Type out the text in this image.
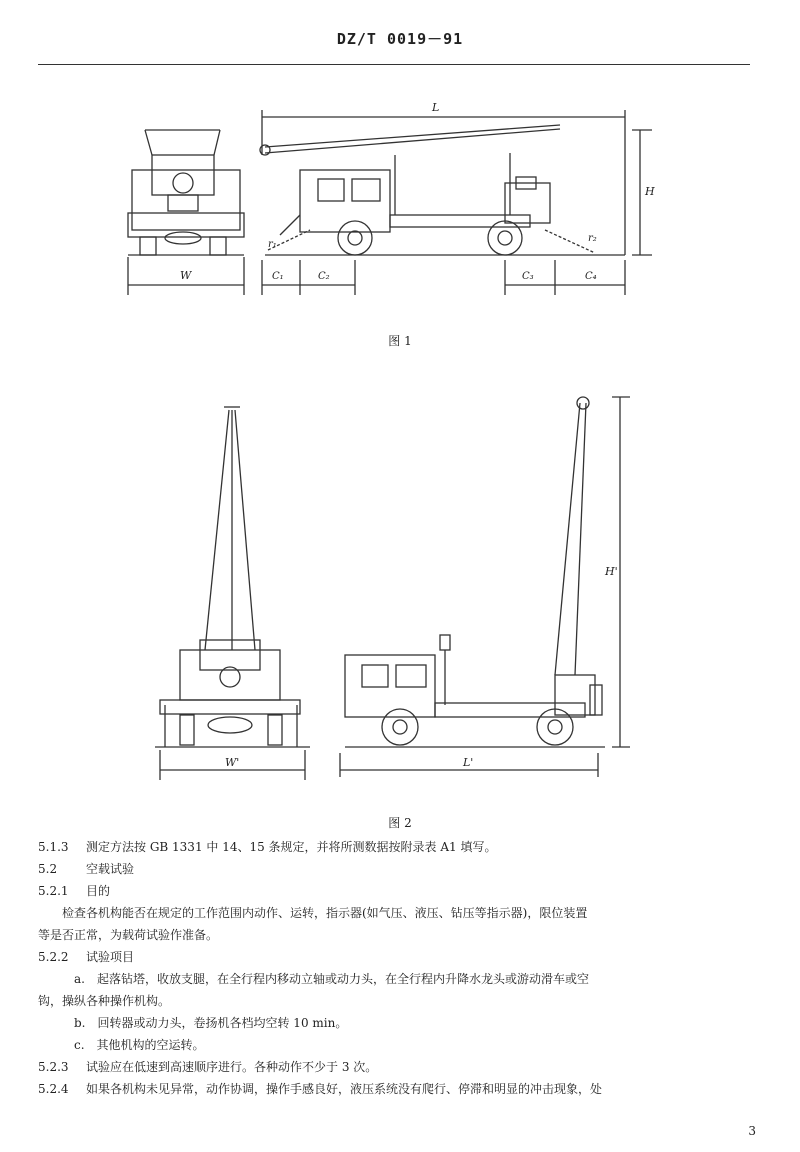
DZ/T 0019－91
W
L
H
C₁	C₂	C₃	C₄
r₁
r₂
图 1
W'	L'
H'
图 2

5.1.3 测定方法按 GB 1331 中 14、15 条规定，并将所测数据按附录表 A1 填写。

5.2 空载试验

5.2.1 目的

检查各机构能否在规定的工作范围内动作、运转，指示器(如气压、液压、钻压等指示器)，限位装置

等是否正常，为载荷试验作准备。

5.2.2 试验项目

a.　起落钻塔，收放支腿，在全行程内移动立轴或动力头，在全行程内升降水龙头或游动滑车或空

钩，操纵各种操作机构。

b.　回转器或动力头，卷扬机各档均空转 10 min。

c.　其他机构的空运转。

5.2.3 试验应在低速到高速顺序进行。各种动作不少于 3 次。

5.2.4 如果各机构未见异常，动作协调，操作手感良好，液压系统没有爬行、停滞和明显的冲击现象，处

3
